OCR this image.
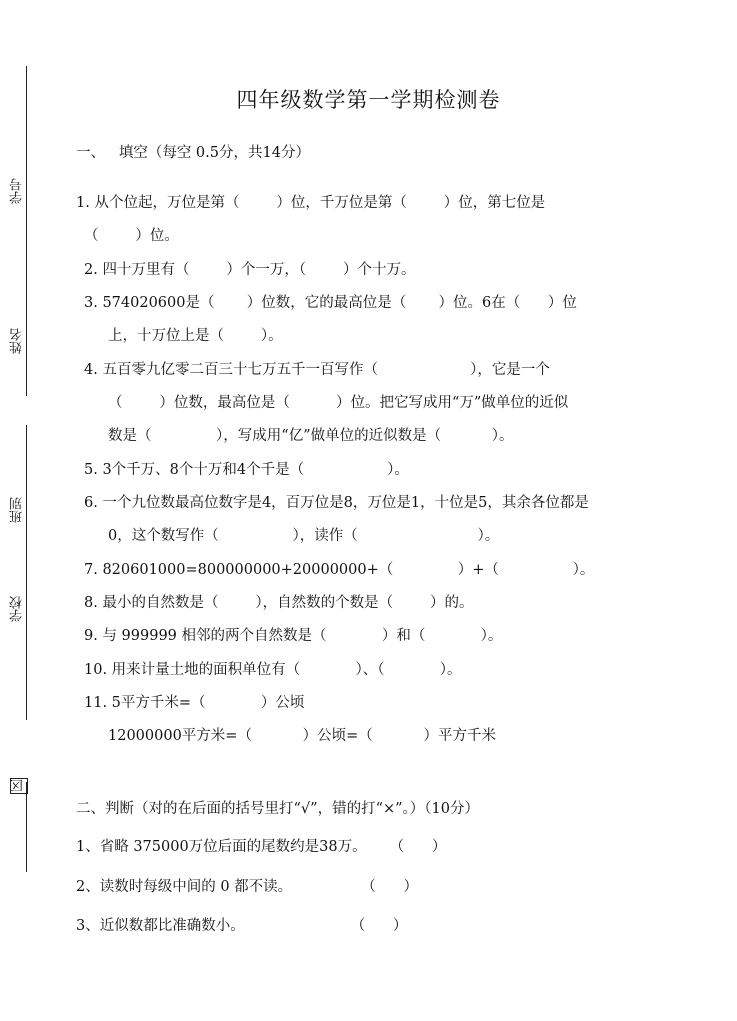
学号
姓名
班别
学校
区
四年级数学第一学期检测卷
一、   填空（每空 0.5分，共14分）
1. 从个位起，万位是第（        ）位，千万位是第（        ）位，第七位是
（        ）位。
2. 四十万里有（        ）个一万，（        ）个十万。
3. 574020600是（       ）位数，它的最高位是（       ）位。6在（      ）位
上，十万位上是（        ）。
4. 五百零九亿零二百三十七万五千一百写作（                    ），它是一个
（        ）位数，最高位是（          ）位。把它写成用“万”做单位的近似
数是（              ），写成用“亿”做单位的近似数是（           ）。
5. 3个千万、8个十万和4个千是（                  ）。
6. 一个九位数最高位数字是4，百万位是8，万位是1，十位是5，其余各位都是
0，这个数写作（                ），读作（                          ）。
7. 820601000=800000000+20000000+（              ）+（                ）。
8. 最小的自然数是（        ），自然数的个数是（        ）的。
9. 与 999999 相邻的两个自然数是（            ）和（            ）。
10. 用来计量土地的面积单位有（            ）、（            ）。
11. 5平方千米=（            ）公顷
12000000平方米=（           ）公顷=（           ）平方千米
二、判断（对的在后面的括号里打“√”，错的打“×”。）（10分）
1、省略 375000万位后面的尾数约是38万。     （      ）
2、读数时每级中间的 0 都不读。               （      ）
3、近似数都比准确数小。                       （      ）
